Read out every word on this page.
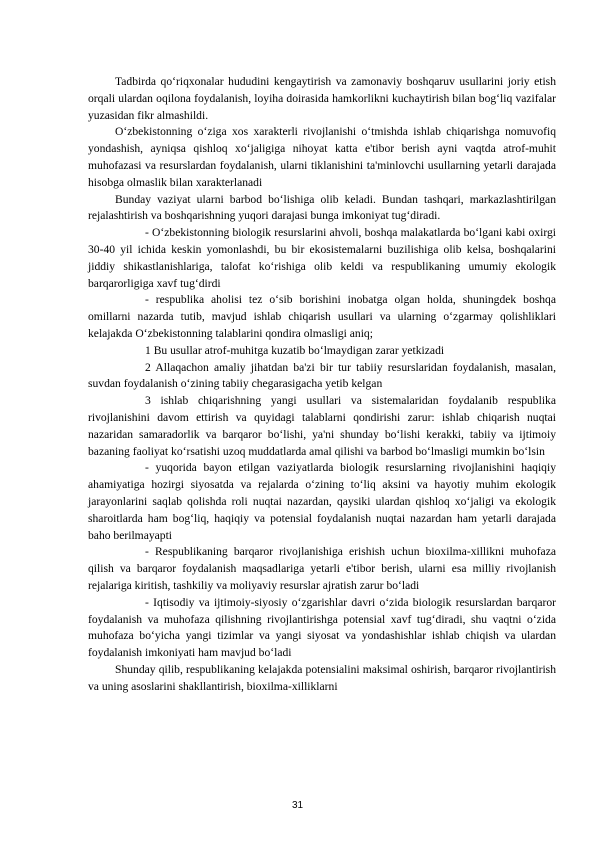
Tadbirda qo‘riqxonalar hududini kengaytirish va zamonaviy boshqaruv usullarini joriy etish orqali ulardan oqilona foydalanish, loyiha doirasida hamkorlikni kuchaytirish bilan bog‘liq vazifalar yuzasidan fikr almashildi.

O‘zbekistonning o‘ziga xos xarakterli rivojlanishi o‘tmishda ishlab chiqarishga nomuvofiq yondashish, ayniqsa qishloq xo‘jaligiga nihoyat katta e'tibor berish ayni vaqtda atrof-muhit muhofazasi va resurslardan foydalanish, ularni tiklanishini ta'minlovchi usullarning yetarli darajada hisobga olmaslik bilan xarakterlanadi

Bunday vaziyat ularni barbod bo‘lishiga olib keladi. Bundan tashqari, markazlashtirilgan rejalashtirish va boshqarishning yuqori darajasi bunga imkoniyat tug‘diradi.

- O‘zbekistonning biologik resurslarini ahvoli, boshqa malakatlarda bo‘lgani kabi oxirgi 30-40 yil ichida keskin yomonlashdi, bu bir ekosistemalarni buzilishiga olib kelsa, boshqalarini jiddiy shikastlanishlariga, talofat ko‘rishiga olib keldi va respublikaning umumiy ekologik barqarorligiga xavf tug‘dirdi

- respublika aholisi tez o‘sib borishini inobatga olgan holda, shuningdek boshqa omillarni nazarda tutib, mavjud ishlab chiqarish usullari va ularning o‘zgarmay qolishliklari kelajakda O‘zbekistonning talablarini qondira olmasligi aniq;

1 Bu usullar atrof-muhitga kuzatib bo‘lmaydigan zarar yetkizadi

2 Allaqachon amaliy jihatdan ba'zi bir tur tabiiy resurslaridan foydalanish, masalan, suvdan foydalanish o‘zining tabiiy chegarasigacha yetib kelgan

3 ishlab chiqarishning yangi usullari va sistemalaridan foydalanib respublika rivojlanishini davom ettirish va quyidagi talablarni qondirishi zarur: ishlab chiqarish nuqtai nazaridan samaradorlik va barqaror bo‘lishi, ya'ni shunday bo‘lishi kerakki, tabiiy va ijtimoiy bazaning faoliyat ko‘rsatishi uzoq muddatlarda amal qilishi va barbod bo‘lmasligi mumkin bo‘lsin

- yuqorida bayon etilgan vaziyatlarda biologik resurslarning rivojlanishini haqiqiy ahamiyatiga hozirgi siyosatda va rejalarda o‘zining to‘liq aksini va hayotiy muhim ekologik jarayonlarini saqlab qolishda roli nuqtai nazardan, qaysiki ulardan qishloq xo‘jaligi va ekologik sharoitlarda ham bog‘liq, haqiqiy va potensial foydalanish nuqtai nazardan ham yetarli darajada baho berilmayapti

- Respublikaning barqaror rivojlanishiga erishish uchun bioxilma-xillikni muhofaza qilish va barqaror foydalanish maqsadlariga yetarli e'tibor berish, ularni esa milliy rivojlanish rejalariga kiritish, tashkiliy va moliyaviy resurslar ajratish zarur bo‘ladi

- Iqtisodiy va ijtimoiy-siyosiy o‘zgarishlar davri o‘zida biologik resurslardan barqaror foydalanish va muhofaza qilishning rivojlantirishga potensial xavf tug‘diradi, shu vaqtni o‘zida muhofaza bo‘yicha yangi tizimlar va yangi siyosat va yondashishlar ishlab chiqish va ulardan foydalanish imkoniyati ham mavjud bo‘ladi

Shunday qilib, respublikaning kelajakda potensialini maksimal oshirish, barqaror rivojlantirish va uning asoslarini shakllantirish, bioxilma-xilliklarni

31
